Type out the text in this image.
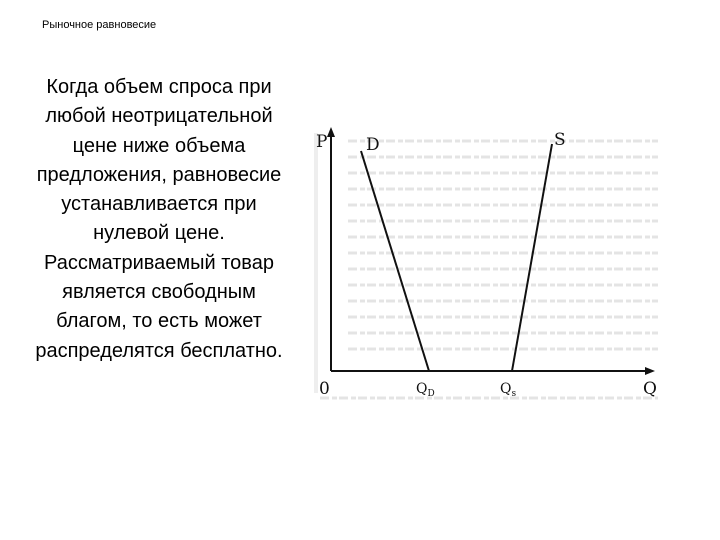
Рыночное равновесие
Когда объем спроса при любой неотрицательной цене ниже объема предложения, равновесие устанавливается при нулевой цене. Рассматриваемый товар является свободным благом, то есть может распределятся бесплатно.
P D	S
0	Q
$Q_D$	$Q_s$
